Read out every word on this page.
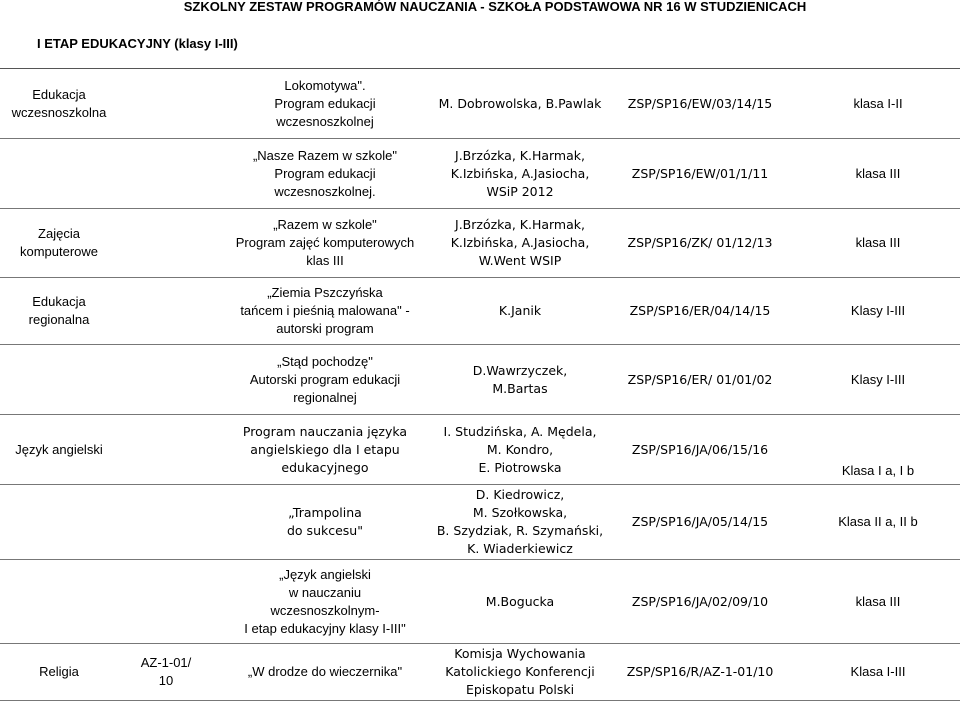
SZKOLNY ZESTAW PROGRAMÓW NAUCZANIA - SZKOŁA PODSTAWOWA NR 16 W STUDZIENICACH
I ETAP EDUKACYJNY (klasy I-III)
Edukacja
wczesnoszkolna		Lokomotywa".
Program edukacji
wczesnoszkolnej	M. Dobrowolska, B.Pawlak	ZSP/SP16/EW/03/14/15	klasa I-II

		„Nasze Razem w szkole"
Program edukacji
wczesnoszkolnej.	J.Brzózka, K.Harmak,
K.Izbińska, A.Jasiocha,
WSiP 2012	ZSP/SP16/EW/01/1/11	klasa III

Zajęcia
komputerowe		„Razem w szkole"
Program zajęć komputerowych
klas III	J.Brzózka, K.Harmak,
K.Izbińska, A.Jasiocha,
W.Went WSIP	ZSP/SP16/ZK/ 01/12/13	klasa III

Edukacja
regionalna		„Ziemia Pszczyńska
tańcem i pieśnią malowana" -
autorski program	K.Janik	ZSP/SP16/ER/04/14/15	Klasy I-III

		„Stąd pochodzę"
Autorski program edukacji
regionalnej	D.Wawrzyczek,
M.Bartas	ZSP/SP16/ER/ 01/01/02	Klasy I-III

Język angielski		Program nauczania języka
angielskiego dla I etapu
edukacyjnego	I. Studzińska, A. Mędela,
M. Kondro,
E. Piotrowska	ZSP/SP16/JA/06/15/16	Klasa I a, I b

		„Trampolina
do sukcesu"	D. Kiedrowicz,
M. Szołkowska,
B. Szydziak, R. Szymański,
K. Wiaderkiewicz	ZSP/SP16/JA/05/14/15	Klasa II a, II b

		„Język angielski
w nauczaniu
wczesnoszkolnym-
I etap edukacyjny klasy I-III"	M.Bogucka	ZSP/SP16/JA/02/09/10	klasa III

Religia	AZ-1-01/
10	„W drodze do wieczernika"	Komisja Wychowania
Katolickiego Konferencji
Episkopatu Polski	ZSP/SP16/R/AZ-1-01/10	Klasa I-III
